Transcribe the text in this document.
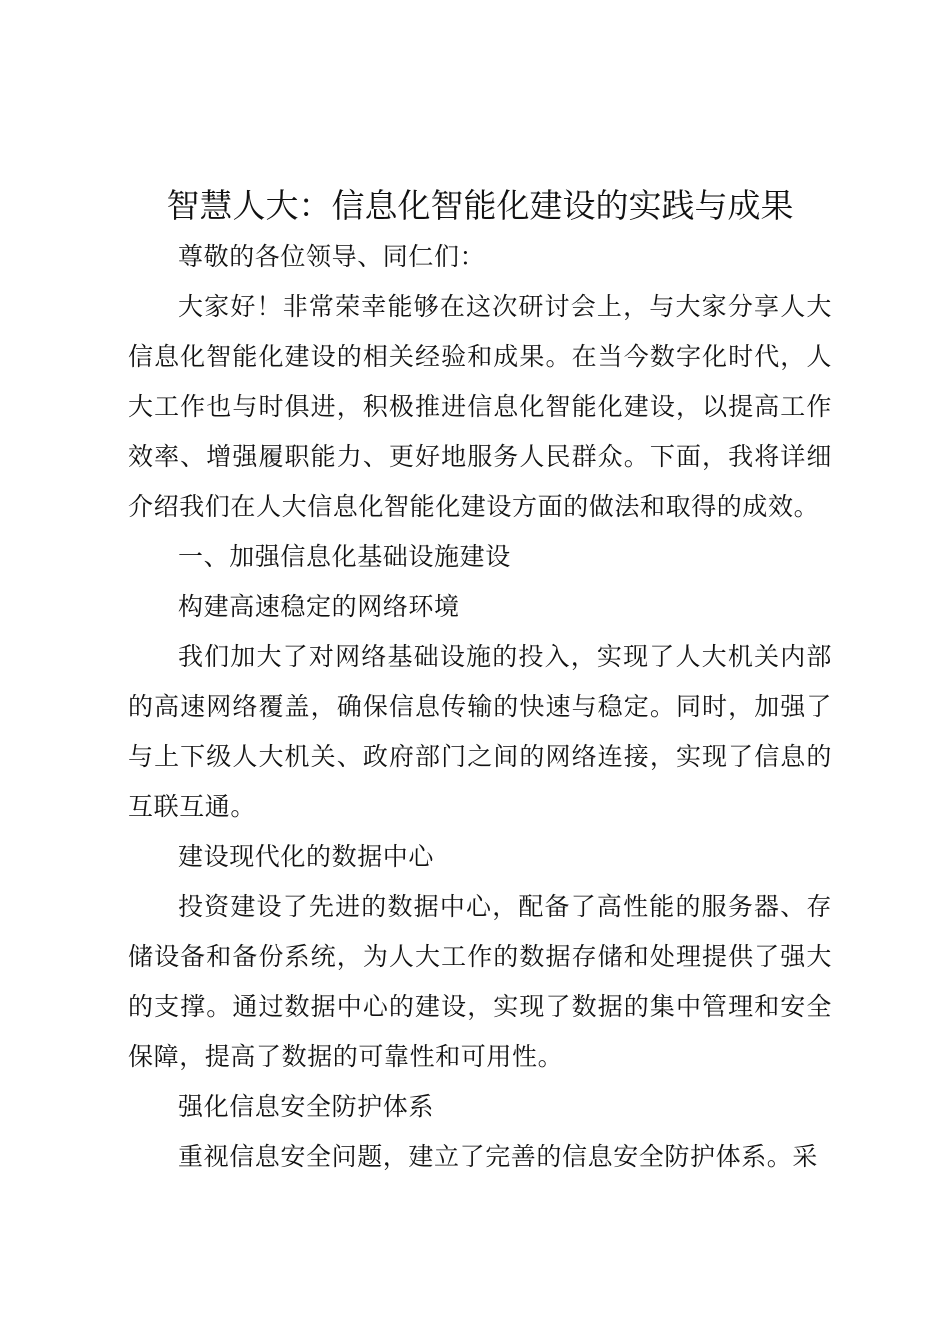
智慧人大：信息化智能化建设的实践与成果

尊敬的各位领导、同仁们：

大家好！非常荣幸能够在这次研讨会上，与大家分享人大信息化智能化建设的相关经验和成果。在当今数字化时代，人大工作也与时俱进，积极推进信息化智能化建设，以提高工作效率、增强履职能力、更好地服务人民群众。下面，我将详细介绍我们在人大信息化智能化建设方面的做法和取得的成效。

一、加强信息化基础设施建设

构建高速稳定的网络环境

我们加大了对网络基础设施的投入，实现了人大机关内部的高速网络覆盖，确保信息传输的快速与稳定。同时，加强了与上下级人大机关、政府部门之间的网络连接，实现了信息的互联互通。

建设现代化的数据中心

投资建设了先进的数据中心，配备了高性能的服务器、存储设备和备份系统，为人大工作的数据存储和处理提供了强大的支撑。通过数据中心的建设，实现了数据的集中管理和安全保障，提高了数据的可靠性和可用性。

强化信息安全防护体系

重视信息安全问题，建立了完善的信息安全防护体系。采
